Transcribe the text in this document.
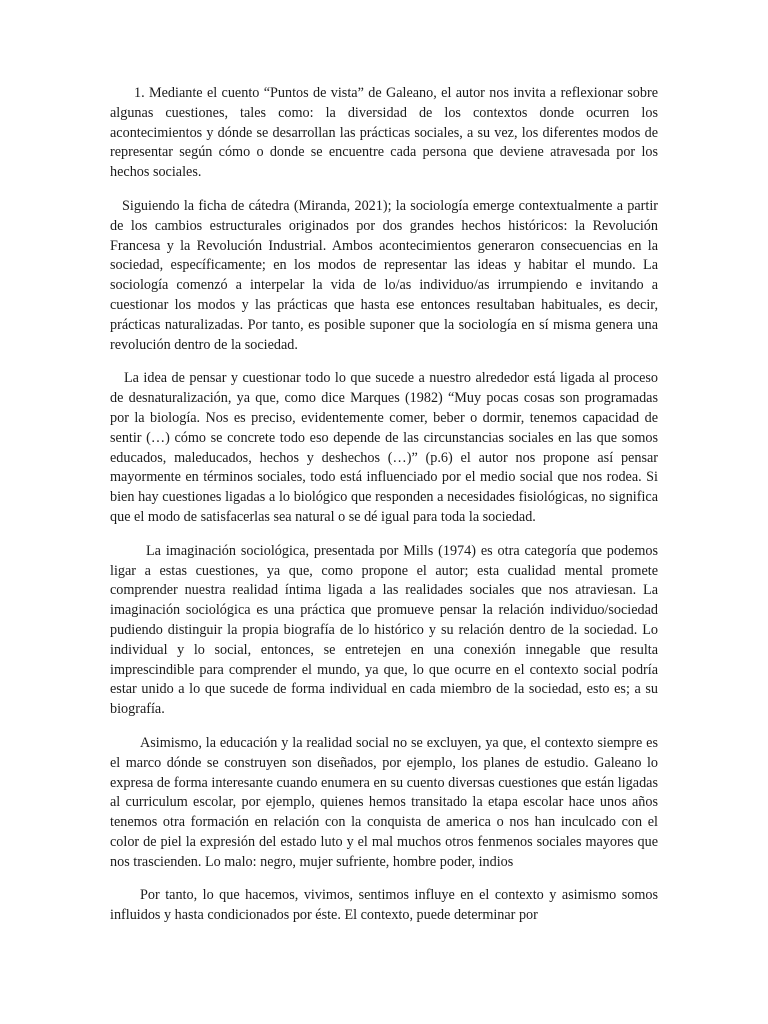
1. Mediante el cuento “Puntos de vista” de Galeano, el autor nos invita a reflexionar sobre algunas cuestiones, tales como: la diversidad de los contextos donde ocurren los acontecimientos y dónde se desarrollan las prácticas sociales, a su vez, los diferentes modos de representar según cómo o donde se encuentre cada persona que deviene atravesada por los hechos sociales.

Siguiendo la ficha de cátedra (Miranda, 2021); la sociología emerge contextualmente a partir de los cambios estructurales originados por dos grandes hechos históricos: la Revolución Francesa y la Revolución Industrial. Ambos acontecimientos generaron consecuencias en la sociedad, específicamente; en los modos de representar las ideas y habitar el mundo. La sociología comenzó a interpelar la vida de lo/as individuo/as irrumpiendo e invitando a cuestionar los modos y las prácticas que hasta ese entonces resultaban habituales, es decir, prácticas naturalizadas. Por tanto, es posible suponer que la sociología en sí misma genera una revolución dentro de la sociedad.

La idea de pensar y cuestionar todo lo que sucede a nuestro alrededor está ligada al proceso de desnaturalización, ya que, como dice Marques (1982) “Muy pocas cosas son programadas por la biología. Nos es preciso, evidentemente comer, beber o dormir, tenemos capacidad de sentir (…) cómo se concrete todo eso depende de las circunstancias sociales en las que somos educados, maleducados, hechos y deshechos (…)” (p.6) el autor nos propone así pensar mayormente en términos sociales, todo está influenciado por el medio social que nos rodea. Si bien hay cuestiones ligadas a lo biológico que responden a necesidades fisiológicas, no significa que el modo de satisfacerlas sea natural o se dé igual para toda la sociedad.

La imaginación sociológica, presentada por Mills (1974) es otra categoría que podemos ligar a estas cuestiones, ya que, como propone el autor; esta cualidad mental promete comprender nuestra realidad íntima ligada a las realidades sociales que nos atraviesan. La imaginación sociológica es una práctica que promueve pensar la relación individuo/sociedad pudiendo distinguir la propia biografía de lo histórico y su relación dentro de la sociedad. Lo individual y lo social, entonces, se entretejen en una conexión innegable que resulta imprescindible para comprender el mundo, ya que, lo que ocurre en el contexto social podría estar unido a lo que sucede de forma individual en cada miembro de la sociedad, esto es; a su biografía.

Asimismo, la educación y la realidad social no se excluyen, ya que, el contexto siempre es el marco dónde se construyen son diseñados, por ejemplo, los planes de estudio. Galeano lo expresa de forma interesante cuando enumera en su cuento diversas cuestiones que están ligadas al curriculum escolar, por ejemplo, quienes hemos transitado la etapa escolar hace unos años tenemos otra formación en relación con la conquista de america o nos han inculcado con el color de piel la expresión del estado luto y el mal muchos otros fenmenos sociales mayores que nos trascienden. Lo malo: negro, mujer sufriente, hombre poder, indios

Por tanto, lo que hacemos, vivimos, sentimos influye en el contexto y asimismo somos influidos y hasta condicionados por éste. El contexto, puede determinar por
